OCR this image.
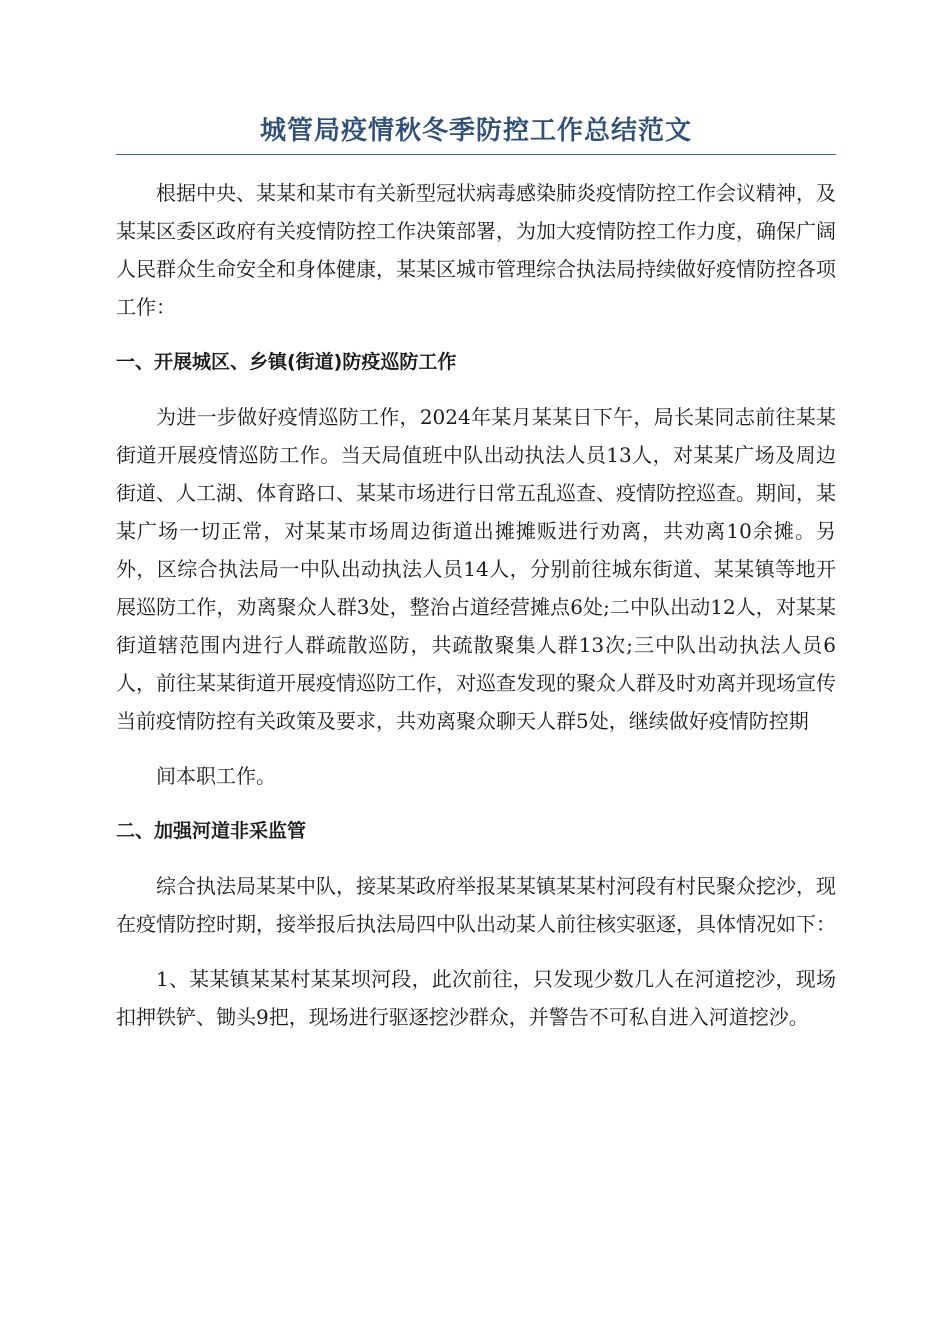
城管局疫情秋冬季防控工作总结范文

根据中央、某某和某市有关新型冠状病毒感染肺炎疫情防控工作会议精神，及某某区委区政府有关疫情防控工作决策部署，为加大疫情防控工作力度，确保广阔人民群众生命安全和身体健康，某某区城市管理综合执法局持续做好疫情防控各项工作：

一、开展城区、乡镇(街道)防疫巡防工作

为进一步做好疫情巡防工作，2024年某月某某日下午，局长某同志前往某某街道开展疫情巡防工作。当天局值班中队出动执法人员13人，对某某广场及周边街道、人工湖、体育路口、某某市场进行日常五乱巡查、疫情防控巡查。期间，某某广场一切正常，对某某市场周边街道出摊摊贩进行劝离，共劝离10余摊。另外，区综合执法局一中队出动执法人员14人，分别前往城东街道、某某镇等地开展巡防工作，劝离聚众人群3处，整治占道经营摊点6处;二中队出动12人，对某某街道辖范围内进行人群疏散巡防，共疏散聚集人群13次;三中队出动执法人员6人，前往某某街道开展疫情巡防工作，对巡查发现的聚众人群及时劝离并现场宣传当前疫情防控有关政策及要求，共劝离聚众聊天人群5处，继续做好疫情防控期

间本职工作。

二、加强河道非采监管

综合执法局某某中队，接某某政府举报某某镇某某村河段有村民聚众挖沙，现在疫情防控时期，接举报后执法局四中队出动某人前往核实驱逐，具体情况如下：

1、某某镇某某村某某坝河段，此次前往，只发现少数几人在河道挖沙，现场扣押铁铲、锄头9把，现场进行驱逐挖沙群众，并警告不可私自进入河道挖沙。
